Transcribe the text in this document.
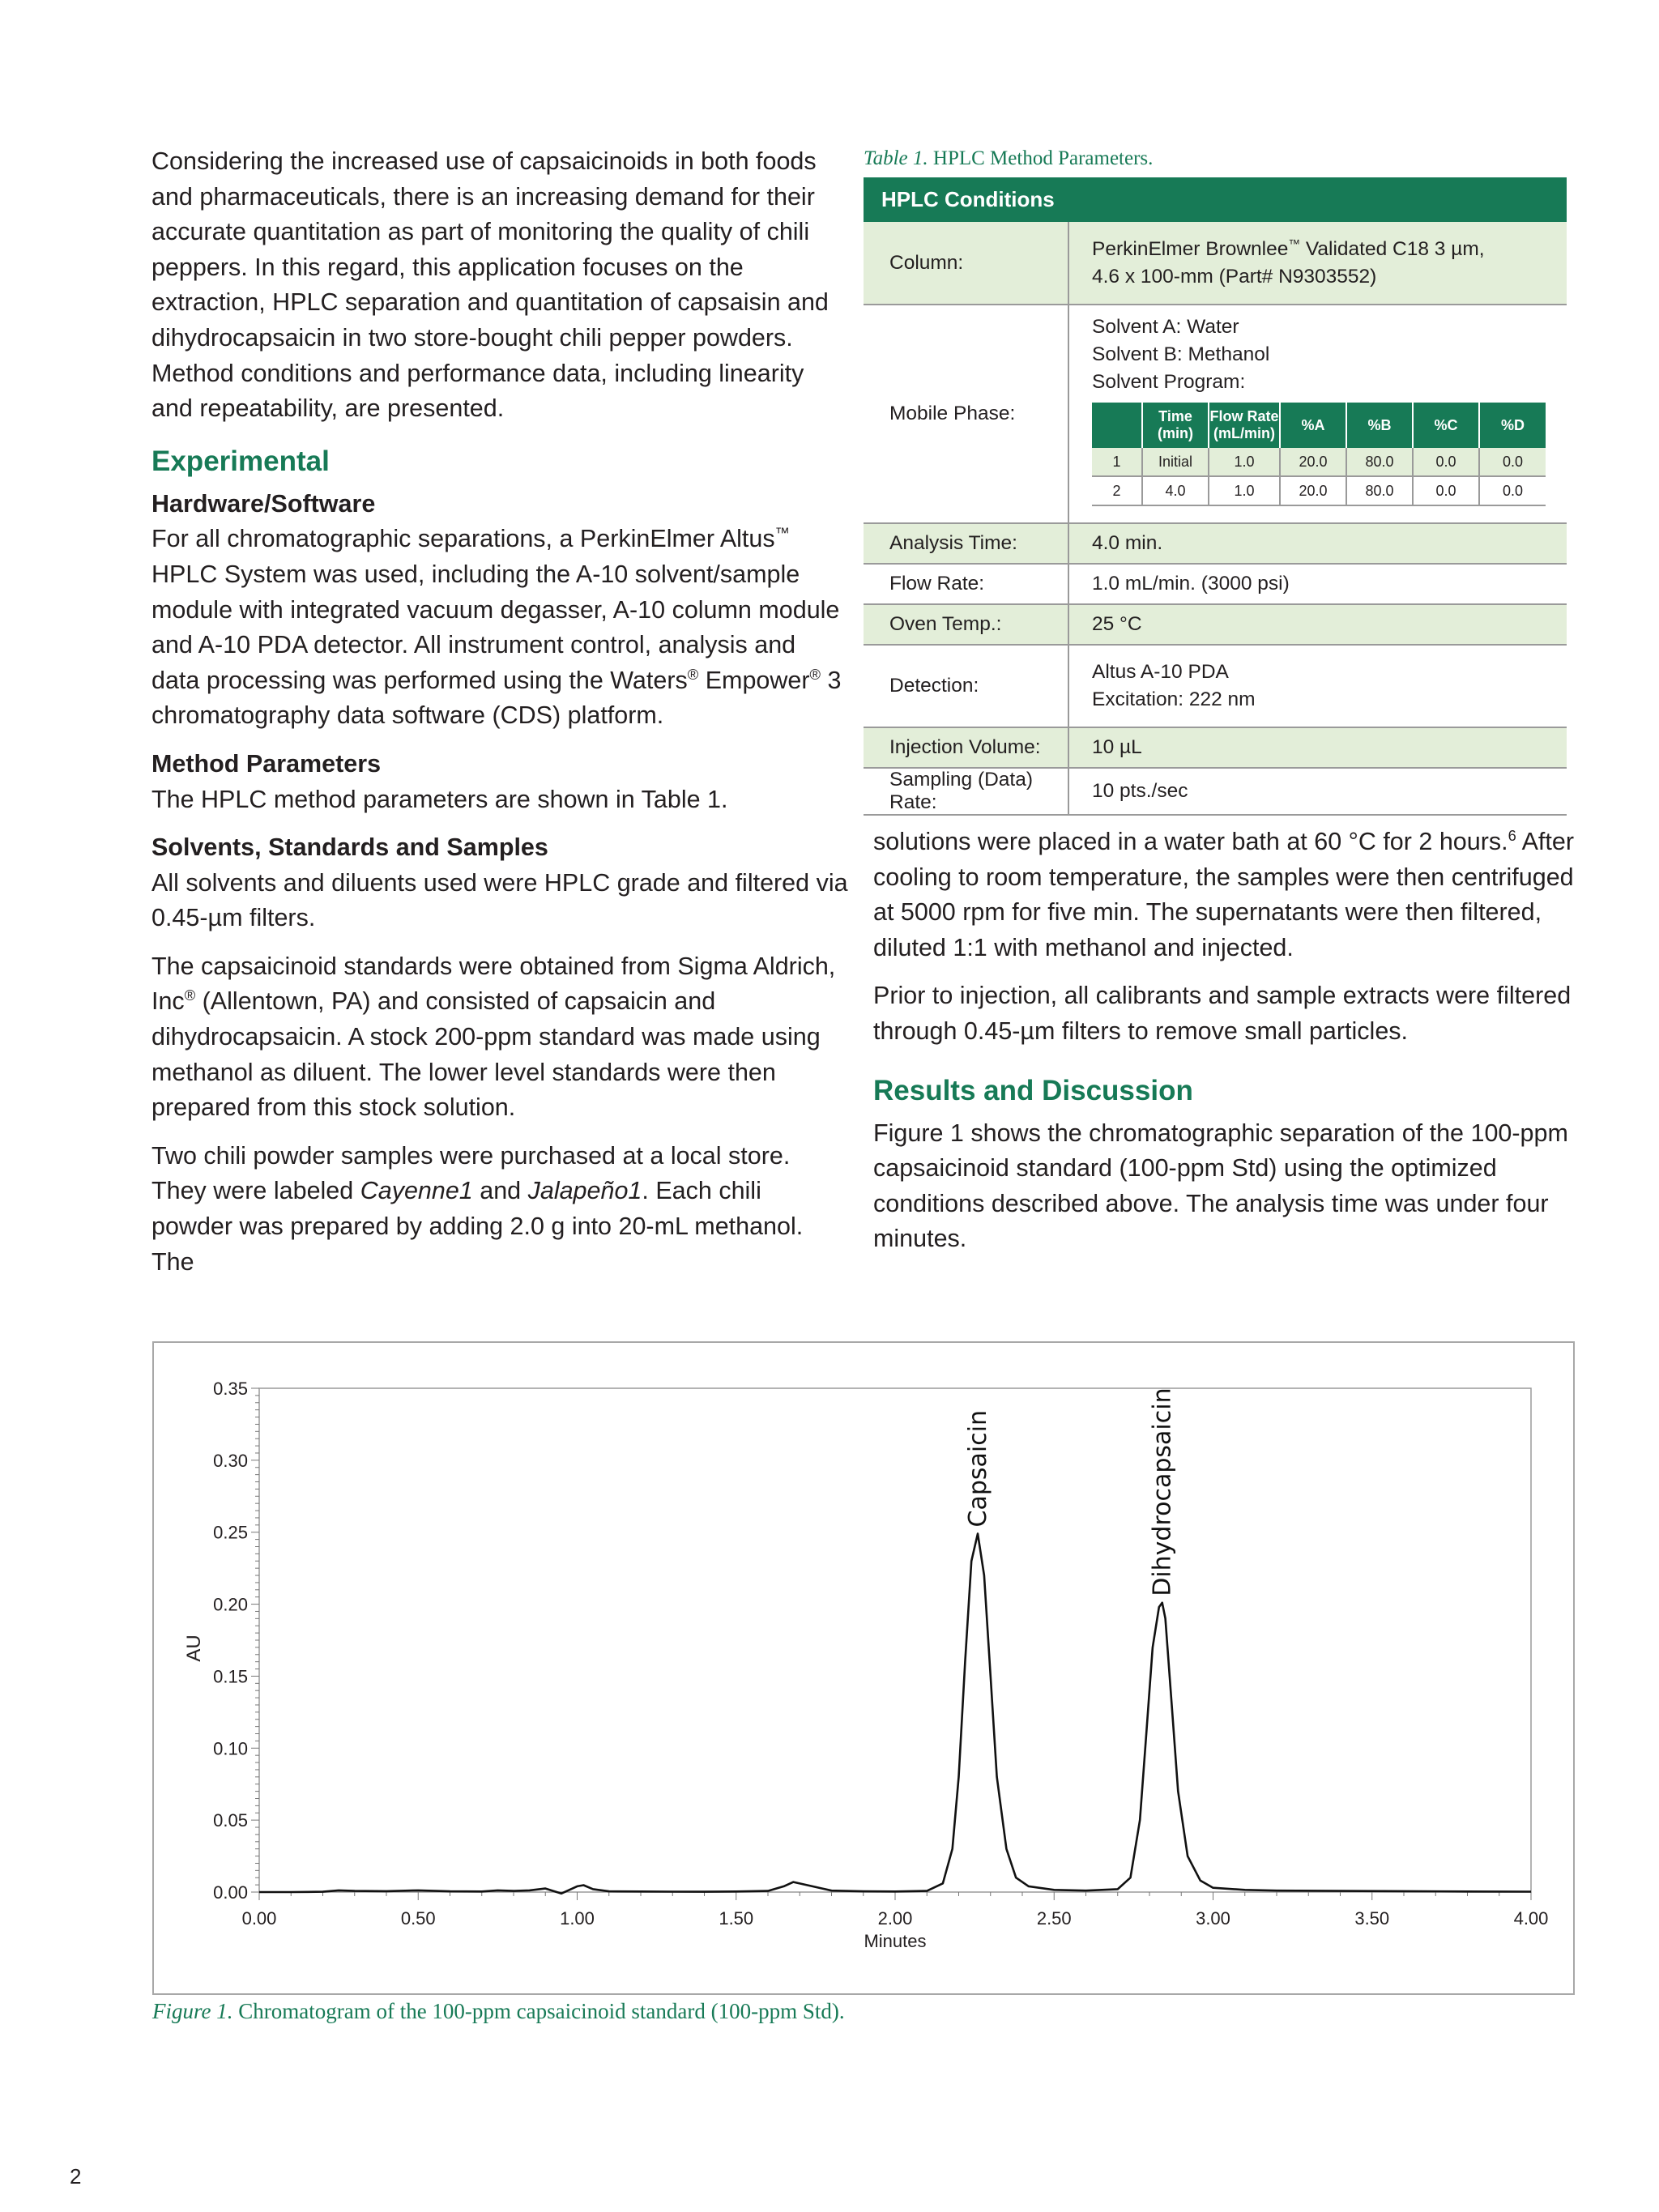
Considering the increased use of capsaicinoids in both foods and pharmaceuticals, there is an increasing demand for their accurate quantitation as part of monitoring the quality of chili peppers. In this regard, this application focuses on the extraction, HPLC separation and quantitation of capsaisin and dihydrocapsaicin in two store-bought chili pepper powders. Method conditions and performance data, including linearity and repeatability, are presented.

Experimental
Hardware/Software

For all chromatographic separations, a PerkinElmer Altus™ HPLC System was used, including the A-10 solvent/sample module with integrated vacuum degasser, A-10 column module and A-10 PDA detector. All instrument control, analysis and data processing was performed using the Waters® Empower® 3 chromatography data software (CDS) platform.

Method Parameters

The HPLC method parameters are shown in Table 1.

Solvents, Standards and Samples

All solvents and diluents used were HPLC grade and filtered via 0.45-µm filters.

The capsaicinoid standards were obtained from Sigma Aldrich, Inc® (Allentown, PA) and consisted of capsaicin and dihydrocapsaicin. A stock 200-ppm standard was made using methanol as diluent. The lower level standards were then prepared from this stock solution.

Two chili powder samples were purchased at a local store. They were labeled Cayenne1 and Jalapeño1. Each chili powder was prepared by adding 2.0 g into 20-mL methanol. The

Table 1. HPLC Method Parameters.
HPLC Conditions
Column:	
PerkinElmer Brownlee™ Validated C18 3 µm,
4.6 x 100-mm (Part# N9303552)

Mobile Phase:	
Solvent A: Water
Solvent B: Methanol
Solvent Program:
	Time (min)	Flow Rate (mL/min)	%A	%B	%C	%D
1	Initial	1.0	20.0	80.0	0.0	0.0
2	4.0	1.0	20.0	80.0	0.0	0.0

Analysis Time:	4.0 min.
Flow Rate:	1.0 mL/min. (3000 psi)
Oven Temp.:	25 °C
Detection:	
Altus A-10 PDA
Excitation: 222 nm

Injection Volume:	10 µL
Sampling (Data) Rate:	10 pts./sec

solutions were placed in a water bath at 60 °C for 2 hours.$^6$ After cooling to room temperature, the samples were then centrifuged at 5000 rpm for five min. The supernatants were then filtered, diluted 1:1 with methanol and injected.

Prior to injection, all calibrants and sample extracts were filtered through 0.45-µm filters to remove small particles.

Results and Discussion

Figure 1 shows the chromatographic separation of the 100-ppm capsaicinoid standard (100-ppm Std) using the optimized conditions described above. The analysis time was under four minutes.

0.00
0.05
0.10
0.15
0.20
0.25
0.30
0.35
0.00	0.50	1.00	1.50	2.00	2.50	3.00	3.50	4.00
Minutes
AU
Capsaicin	Dihydrocapsaicin
Figure 1. Chromatogram of the 100-ppm capsaicinoid standard (100-ppm Std).
2
